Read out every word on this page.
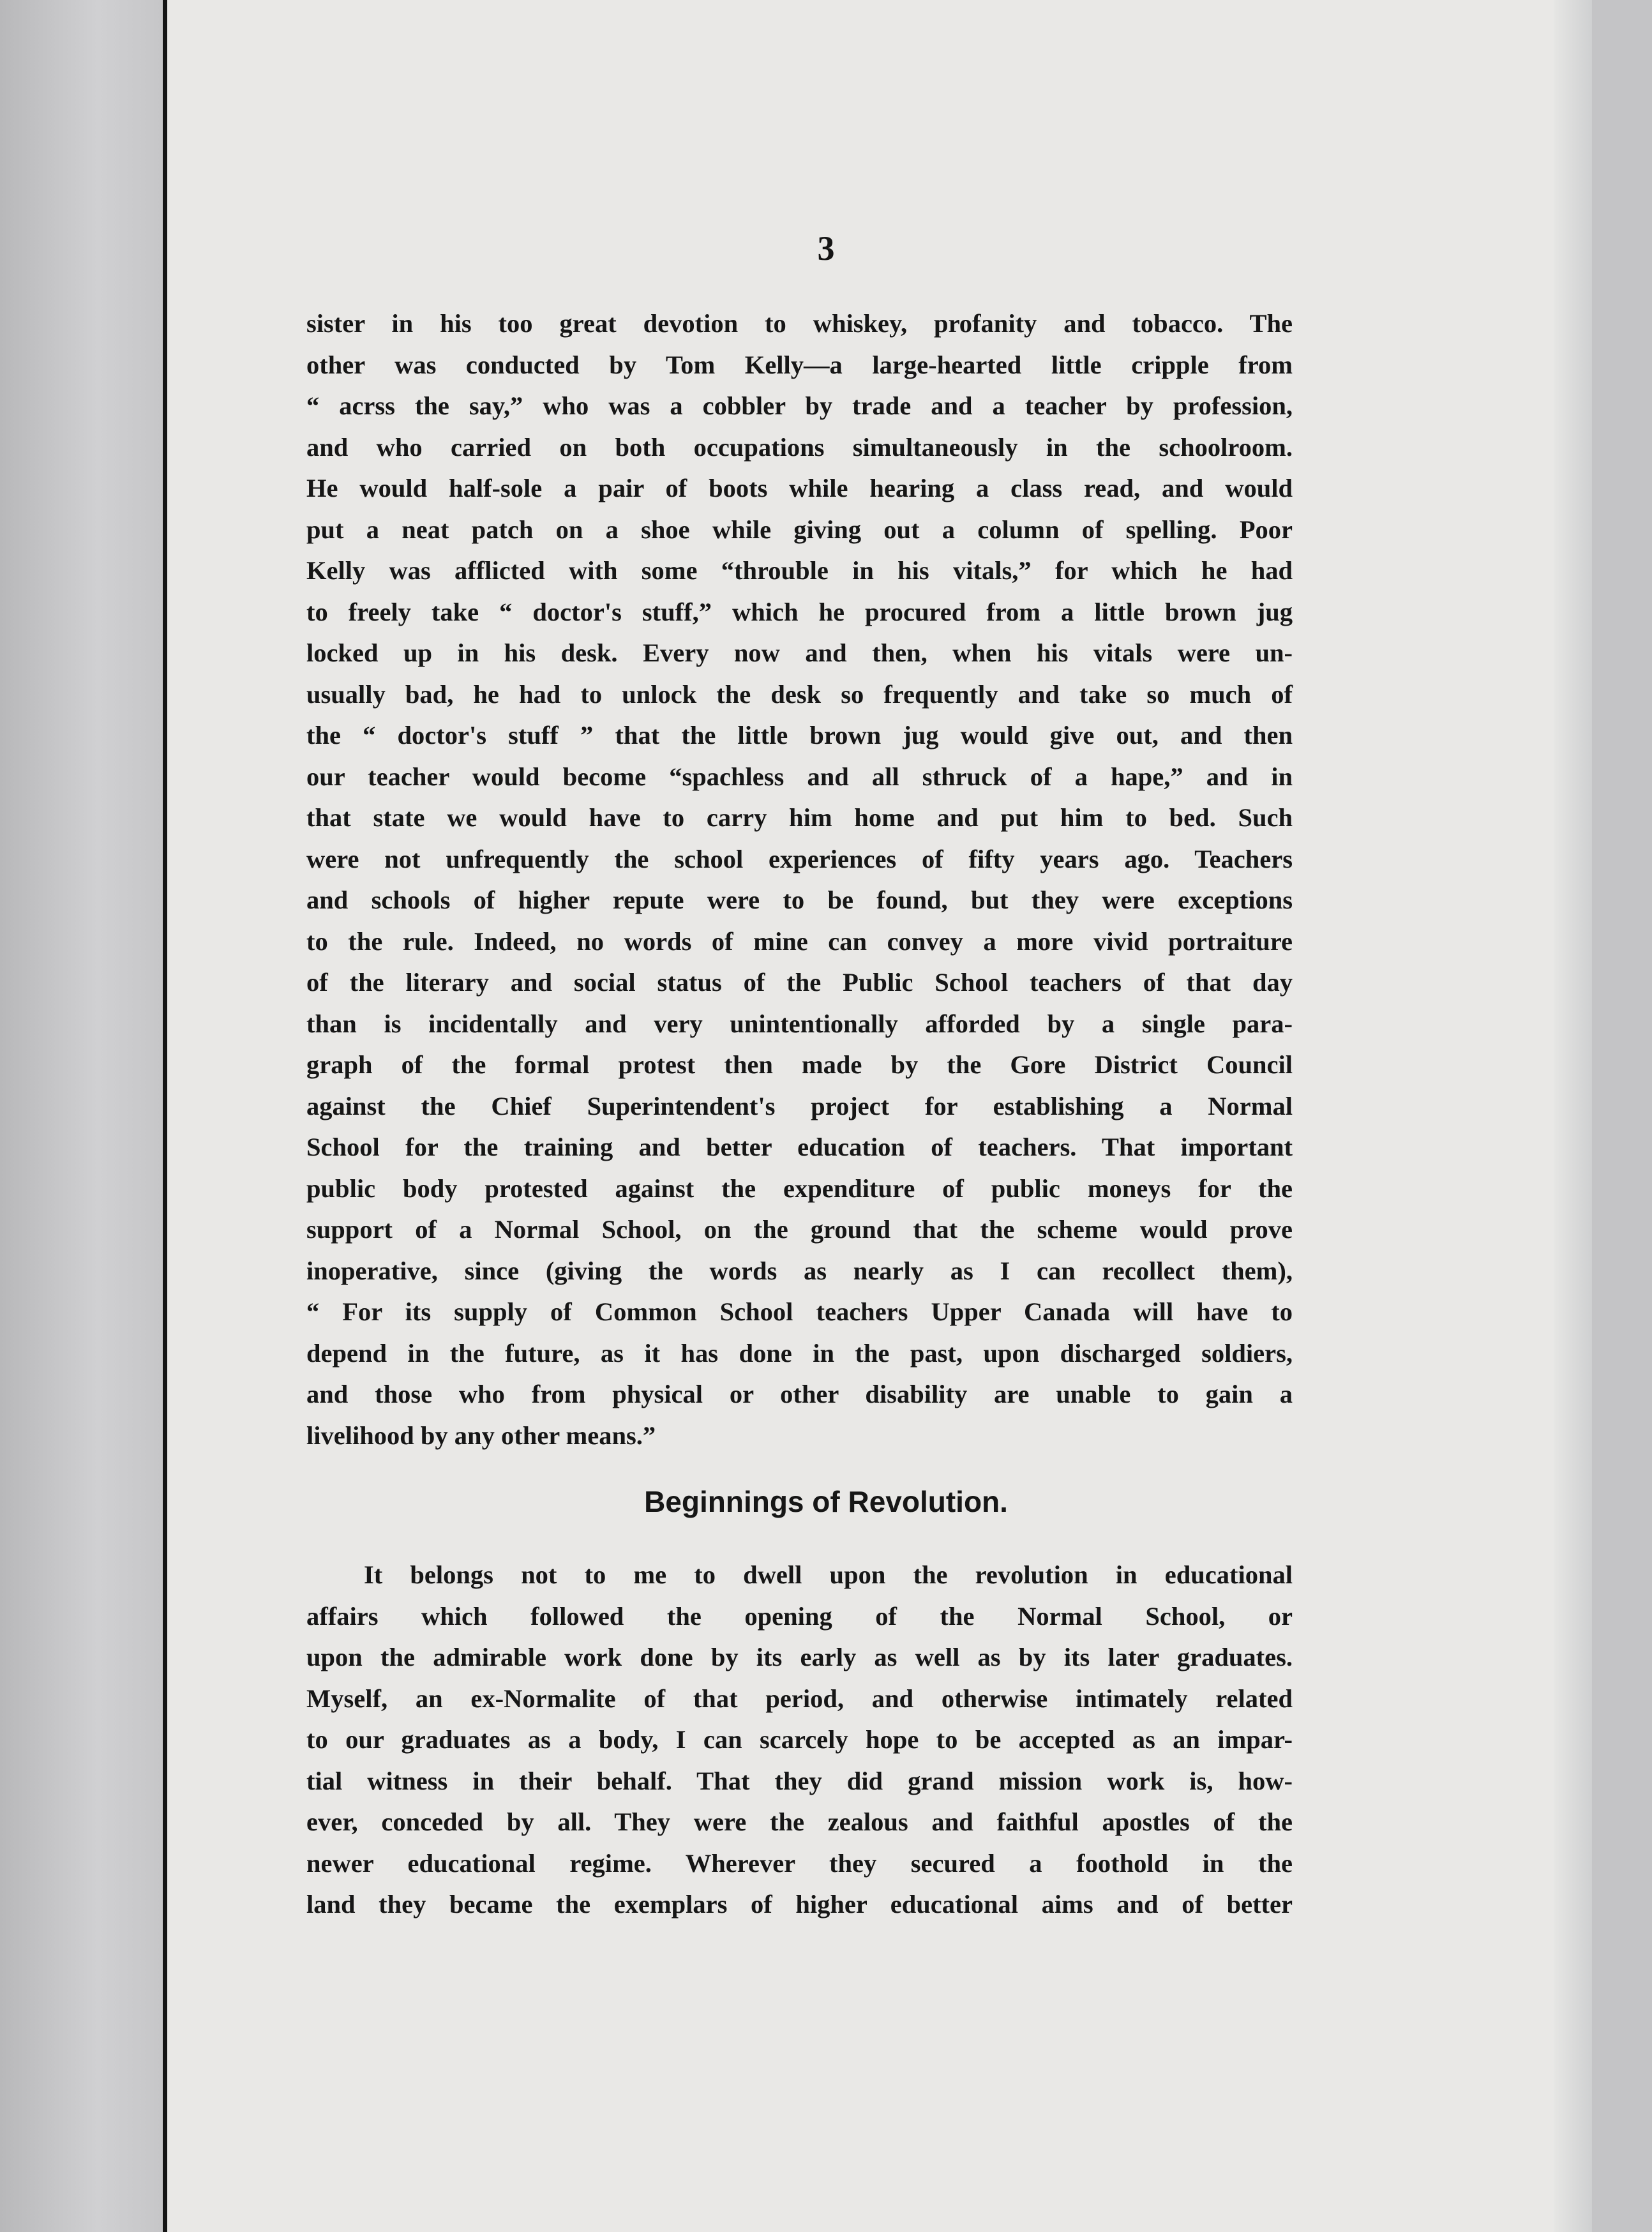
3
sister in his too great devotion to whiskey, profanity and tobacco. The
other was conducted by Tom Kelly—a large-hearted little cripple from
“ acrss the say,” who was a cobbler by trade and a teacher by profession,
and who carried on both occupations simultaneously in the schoolroom.
He would half-sole a pair of boots while hearing a class read, and would
put a neat patch on a shoe while giving out a column of spelling. Poor
Kelly was afflicted with some “throuble in his vitals,” for which he had
to freely take “ doctor's stuff,” which he procured from a little brown jug
locked up in his desk. Every now and then, when his vitals were un-
usually bad, he had to unlock the desk so frequently and take so much of
the “ doctor's stuff ” that the little brown jug would give out, and then
our teacher would become “spachless and all sthruck of a hape,” and in
that state we would have to carry him home and put him to bed. Such
were not unfrequently the school experiences of fifty years ago. Teachers
and schools of higher repute were to be found, but they were exceptions
to the rule. Indeed, no words of mine can convey a more vivid portraiture
of the literary and social status of the Public School teachers of that day
than is incidentally and very unintentionally afforded by a single para-
graph of the formal protest then made by the Gore District Council
against the Chief Superintendent's project for establishing a Normal
School for the training and better education of teachers. That important
public body protested against the expenditure of public moneys for the
support of a Normal School, on the ground that the scheme would prove
inoperative, since (giving the words as nearly as I can recollect them),
“ For its supply of Common School teachers Upper Canada will have to
depend in the future, as it has done in the past, upon discharged soldiers,
and those who from physical or other disability are unable to gain a
livelihood by any other means.”
Beginnings of Revolution.
It belongs not to me to dwell upon the revolution in educational
affairs which followed the opening of the Normal School, or
upon the admirable work done by its early as well as by its later graduates.
Myself, an ex-Normalite of that period, and otherwise intimately related
to our graduates as a body, I can scarcely hope to be accepted as an impar-
tial witness in their behalf. That they did grand mission work is, how-
ever, conceded by all. They were the zealous and faithful apostles of the
newer educational regime. Wherever they secured a foothold in the
land they became the exemplars of higher educational aims and of better
